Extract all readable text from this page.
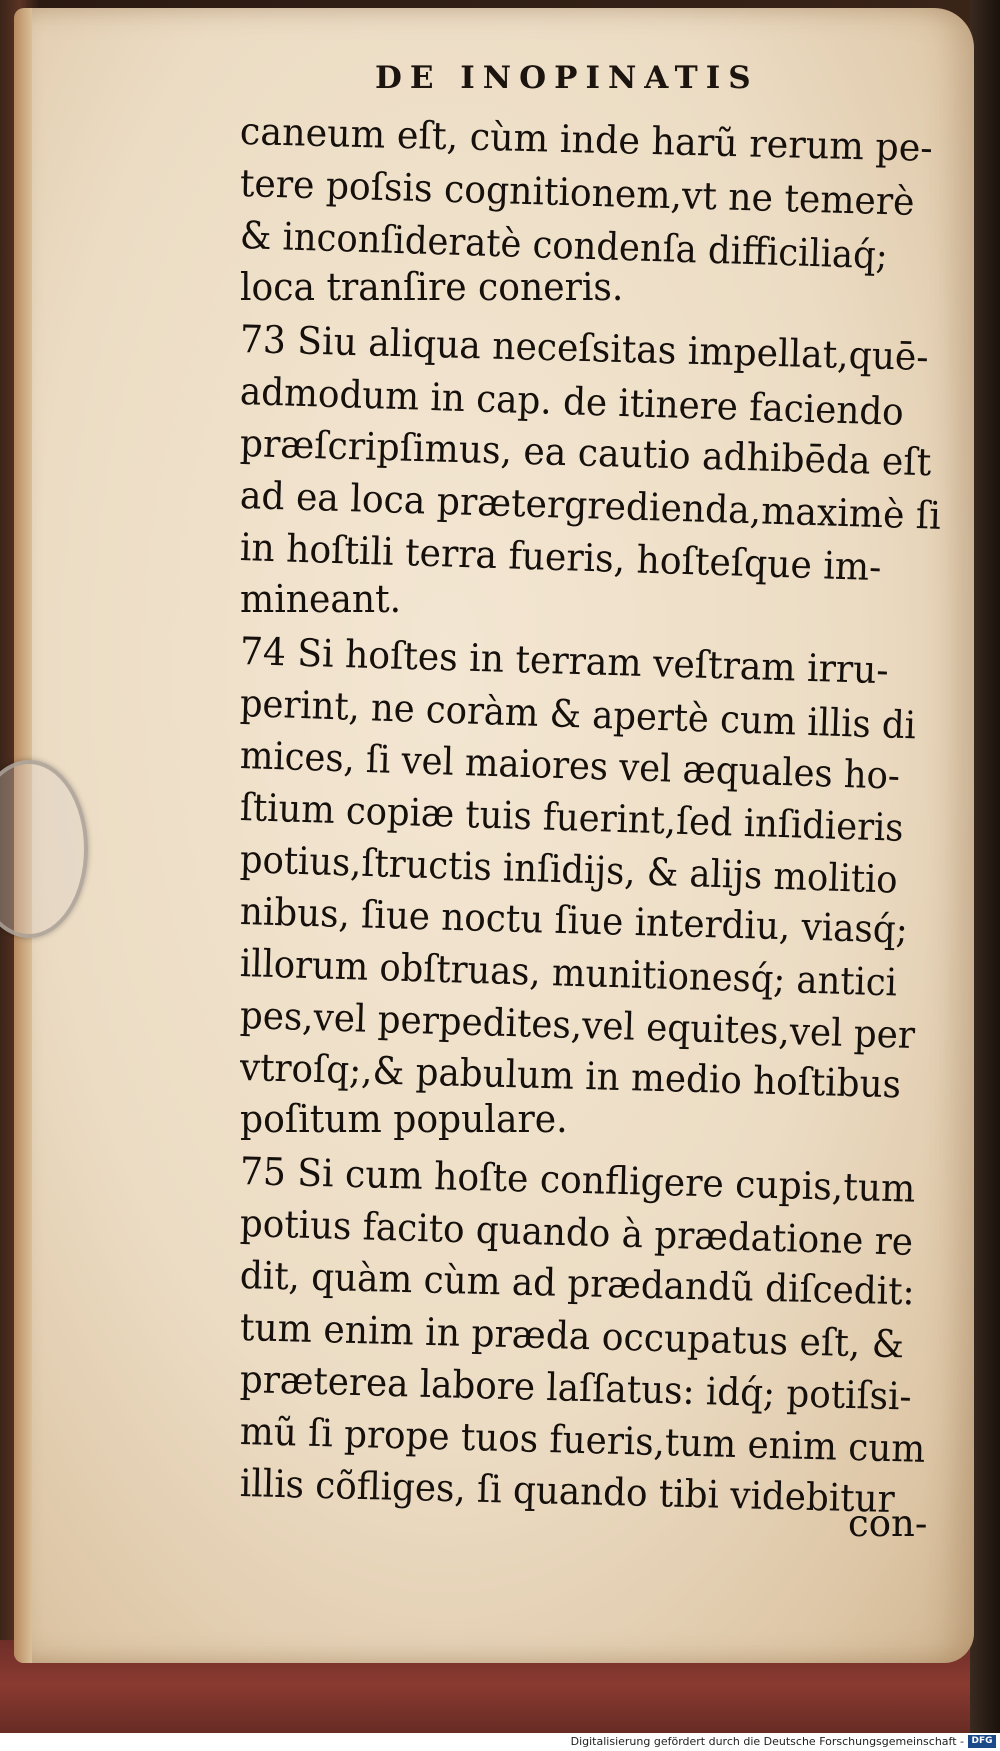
DE INOPINATIS
caneum eſt, cùm inde harũ rerum pe-
tere poſsis cognitionem,vt ne temerè
& inconſideratè condenſa difficiliaq́;
loca tranſire coneris.
73 Siu aliqua neceſsitas impellat,quē-
admodum in cap. de itinere faciendo
præſcripſimus, ea cautio adhibēda eſt
ad ea loca prætergredienda,maximè ſi
in hoſtili terra fueris, hoſteſque im-
mineant.
74 Si hoſtes in terram veſtram irru-
perint, ne coràm & apertè cum illis di
mices, ſi vel maiores vel æquales ho-
ſtium copiæ tuis fuerint,ſed inſidieris
potius,ſtructis inſidijs, & alijs molitio
nibus, ſiue noctu ſiue interdiu, viasq́;
illorum obſtruas, munitionesq́; antici
pes,vel perpedites,vel equites,vel per
vtroſq;,& pabulum in medio hoſtibus
poſitum populare.
75 Si cum hoſte confligere cupis,tum
potius facito quando à prædatione re
dit, quàm cùm ad prædandũ diſcedit:
tum enim in præda occupatus eſt, &
præterea labore laſſatus: idq́; potiſsi-
mũ ſi prope tuos fueris,tum enim cum
illis cõfliges, ſi quando tibi videbitur
con-
Digitalisierung gefördert durch die Deutsche Forschungsgemeinschaft - DFG
